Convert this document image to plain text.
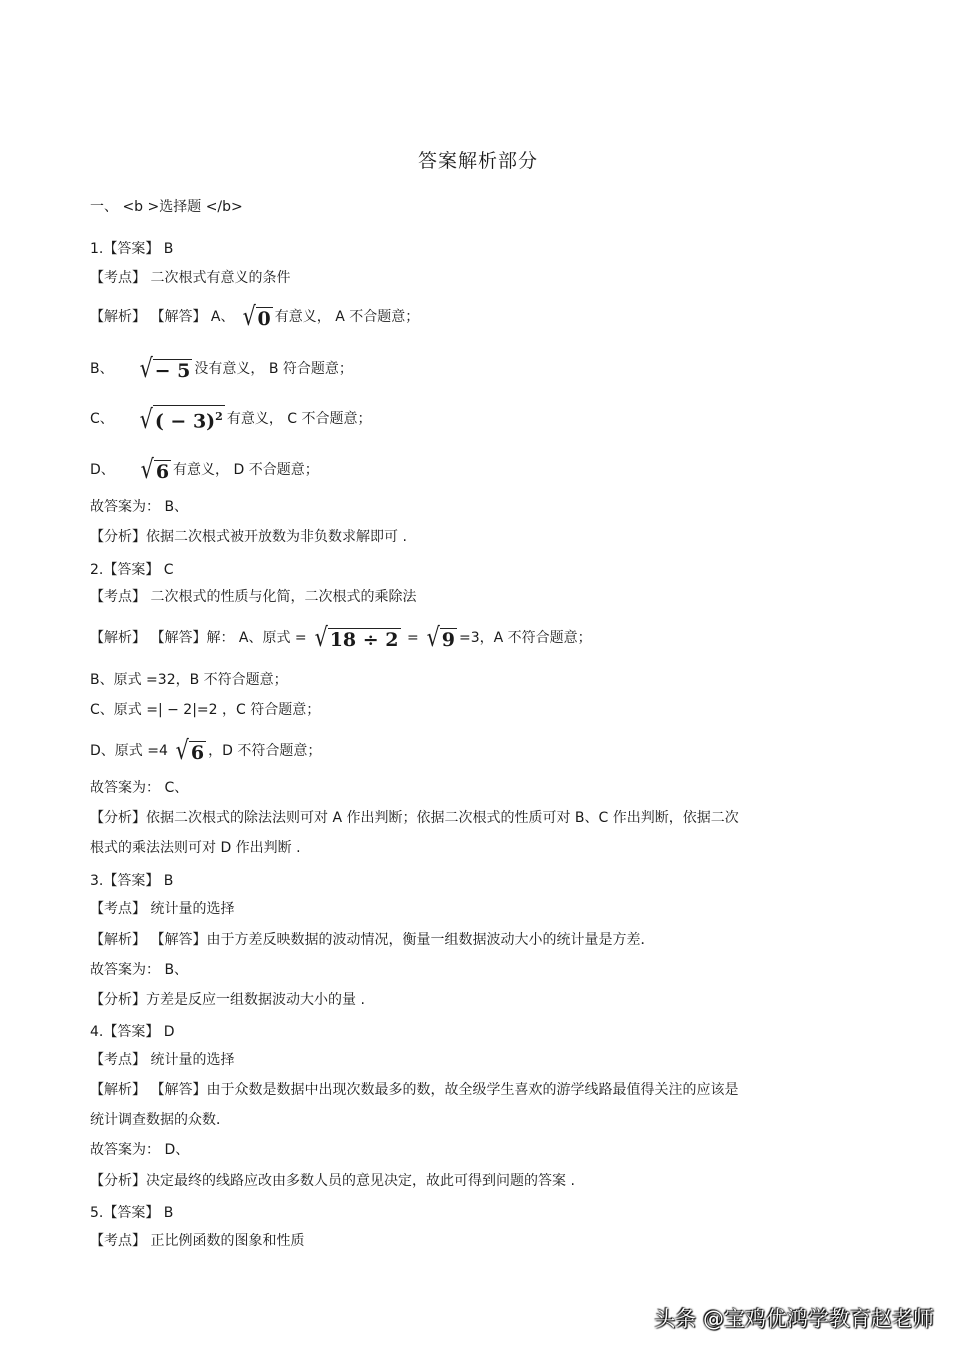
答案解析部分
一、 <b >选择题 </b>
1.【答案】 B
【考点】 二次根式有意义的条件
【解析】 【解答】 A、 √ 0 有意义， A 不合题意；
B、 √ − 5 没有意义， B 符合题意；
C、 √ ( − 3)$^2$ 有意义， C 不合题意；
D、 √ 6 有意义， D 不合题意；
故答案为： B、
【分析】依据二次根式被开放数为非负数求解即可 .
2.【答案】 C
【考点】 二次根式的性质与化简，二次根式的乘除法
【解析】 【解答】解： A、原式 = √ 18 ÷ 2 = √ 9 =3，A 不符合题意；
B、原式 =32，B 不符合题意；
C、原式 =| − 2|=2 ，C 符合题意；
D、原式 =4 √ 6 ，D 不符合题意；
故答案为： C、
【分析】依据二次根式的除法法则可对 A 作出判断；依据二次根式的性质可对 B、C 作出判断，依据二次
根式的乘法法则可对 D 作出判断 .
3.【答案】 B
【考点】 统计量的选择
【解析】 【解答】由于方差反映数据的波动情况，衡量一组数据波动大小的统计量是方差．
故答案为： B、
【分析】方差是反应一组数据波动大小的量 .
4.【答案】 D
【考点】 统计量的选择
【解析】 【解答】由于众数是数据中出现次数最多的数，故全级学生喜欢的游学线路最值得关注的应该是
统计调查数据的众数．
故答案为： D、
【分析】决定最终的线路应改由多数人员的意见决定，故此可得到问题的答案 .
5.【答案】 B
【考点】 正比例函数的图象和性质
头条 @宝鸡优鸿学教育赵老师
